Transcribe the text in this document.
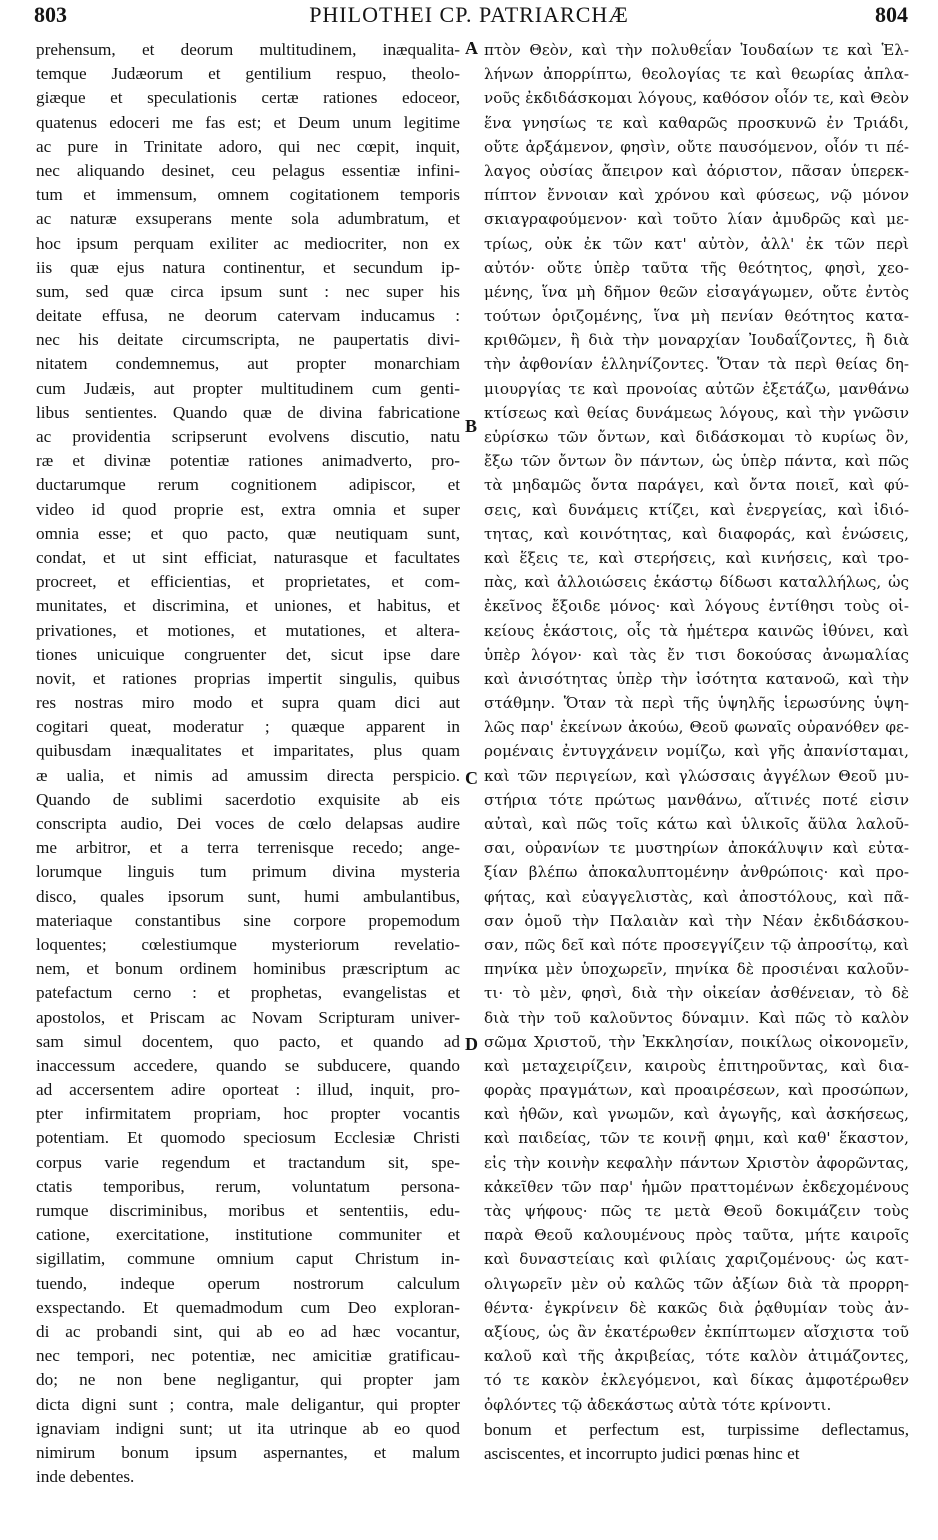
803	PHILOTHEI CP. PATRIARCHÆ	804
prehensum, et deorum multitudinem, inæqualita-
temque Judæorum et gentilium respuo, theolo-
giæque et speculationis certæ rationes edoceor,
quatenus edoceri me fas est; et Deum unum legitime
ac pure in Trinitate adoro, qui nec cœpit, inquit,
nec aliquando desinet, ceu pelagus essentiæ infini-
tum et immensum, omnem cogitationem temporis
ac naturæ exsuperans mente sola adumbratum, et
hoc ipsum perquam exiliter ac mediocriter, non ex
iis quæ ejus natura continentur, et secundum ip-
sum, sed quæ circa ipsum sunt : nec super his
deitate effusa, ne deorum catervam inducamus :
nec his deitate circumscripta, ne paupertatis divi-
nitatem condemnemus, aut propter monarchiam
cum Judæis, aut propter multitudinem cum genti-
libus sentientes. Quando quæ de divina fabricatione
ac providentia scripserunt evolvens discutio, natu
ræ et divinæ potentiæ rationes animadverto, pro-
ductarumque rerum cognitionem adipiscor, et
video id quod proprie est, extra omnia et super
omnia esse; et quo pacto, quæ neutiquam sunt,
condat, et ut sint efficiat, naturasque et facultates
procreet, et efficientias, et proprietates, et com-
munitates, et discrimina, et uniones, et habitus, et
privationes, et motiones, et mutationes, et altera-
tiones unicuique congruenter det, sicut ipse dare
novit, et rationes proprias impertit singulis, quibus
res nostras miro modo et supra quam dici aut
cogitari queat, moderatur ; quæque apparent in
quibusdam inæqualitates et imparitates, plus quam
æ ualia, et nimis ad amussim directa perspicio.
Quando de sublimi sacerdotio exquisite ab eis
conscripta audio, Dei voces de cœlo delapsas audire
me arbitror, et a terra terrenisque recedo; ange-
lorumque linguis tum primum divina mysteria
disco, quales ipsorum sunt, humi ambulantibus,
materiaque constantibus sine corpore propemodum
loquentes; cœlestiumque mysteriorum revelatio-
nem, et bonum ordinem hominibus præscriptum ac
patefactum cerno : et prophetas, evangelistas et
apostolos, et Priscam ac Novam Scripturam univer-
sam simul docentem, quo pacto, et quando ad
inaccessum accedere, quando se subducere, quando
ad accersentem adire oporteat : illud, inquit, pro-
pter infirmitatem propriam, hoc propter vocantis
potentiam. Et quomodo speciosum Ecclesiæ Christi
corpus varie regendum et tractandum sit, spe-
ctatis temporibus, rerum, voluntatum persona-
rumque discriminibus, moribus et sententiis, edu-
catione, exercitatione, institutione communiter et
sigillatim, commune omnium caput Christum in-
tuendo, indeque operum nostrorum calculum
exspectando. Et quemadmodum cum Deo exploran-
di ac probandi sint, qui ab eo ad hæc vocantur,
nec tempori, nec potentiæ, nec amicitiæ gratificau-
do; ne non bene negligantur, qui propter jam
dicta digni sunt ; contra, male deligantur, qui propter
ignaviam indigni sunt; ut ita utrinque ab eo quod
nimirum bonum ipsum aspernantes, et malum
inde debentes.
πτὸν Θεὸν, καὶ τὴν πολυθεΐαν Ἰουδαίων τε καὶ Ἑλ-
λήνων ἀπορρίπτω, θεολογίας τε καὶ θεωρίας ἀπλα-
νοῦς ἐκδιδάσκομαι λόγους, καθόσον οἷόν τε, καὶ Θεὸν
ἕνα γνησίως τε καὶ καθαρῶς προσκυνῶ ἐν Τριάδι,
οὔτε ἀρξάμενον, φησὶν, οὔτε παυσόμενον, οἷόν τι πέ-
λαγος οὐσίας ἄπειρον καὶ ἀόριστον, πᾶσαν ὑπερεκ-
πίπτον ἔννοιαν καὶ χρόνου καὶ φύσεως, νῷ μόνον
σκιαγραφούμενον· καὶ τοῦτο λίαν ἀμυδρῶς καὶ με-
τρίως, οὐκ ἐκ τῶν κατ' αὐτὸν, ἀλλ' ἐκ τῶν περὶ
αὐτόν· οὔτε ὑπὲρ ταῦτα τῆς θεότητος, φησὶ, χεο-
μένης, ἵνα μὴ δῆμον θεῶν εἰσαγάγωμεν, οὔτε ἐντὸς
τούτων ὁριζομένης, ἵνα μὴ πενίαν θεότητος κατα-
κριθῶμεν, ἢ διὰ τὴν μοναρχίαν Ἰουδαΐζοντες, ἢ διὰ
τὴν ἀφθονίαν ἑλληνίζοντες. Ὅταν τὰ περὶ θείας δη-
μιουργίας τε καὶ προνοίας αὐτῶν ἐξετάζω, μανθάνω
κτίσεως καὶ θείας δυνάμεως λόγους, καὶ τὴν γνῶσιν
εὑρίσκω τῶν ὄντων, καὶ διδάσκομαι τὸ κυρίως ὂν,
ἔξω τῶν ὄντων ὂν πάντων, ὡς ὑπὲρ πάντα, καὶ πῶς
τὰ μηδαμῶς ὄντα παράγει, καὶ ὄντα ποιεῖ, καὶ φύ-
σεις, καὶ δυνάμεις κτίζει, καὶ ἐνεργείας, καὶ ἰδιό-
τητας, καὶ κοινότητας, καὶ διαφοράς, καὶ ἑνώσεις,
καὶ ἕξεις τε, καὶ στερήσεις, καὶ κινήσεις, καὶ τρο-
πὰς, καὶ ἀλλοιώσεις ἑκάστῳ δίδωσι καταλλήλως, ὡς
ἐκεῖνος ἔξοιδε μόνος· καὶ λόγους ἐντίθησι τοὺς οἰ-
κείους ἑκάστοις, οἷς τὰ ἡμέτερα καινῶς ἰθύνει, καὶ
ὑπὲρ λόγον· καὶ τὰς ἔν τισι δοκούσας ἀνωμαλίας
καὶ ἀνισότητας ὑπὲρ τὴν ἰσότητα κατανοῶ, καὶ τὴν
στάθμην. Ὅταν τὰ περὶ τῆς ὑψηλῆς ἱερωσύνης ὑψη-
λῶς παρ' ἐκείνων ἀκούω, Θεοῦ φωναῖς οὐρανόθεν φε-
ρομέναις ἐντυγχάνειν νομίζω, καὶ γῆς ἀπανίσταμαι,
καὶ τῶν περιγείων, καὶ γλώσσαις ἀγγέλων Θεοῦ μυ-
στήρια τότε πρώτως μανθάνω, αἵτινές ποτέ εἰσιν
αὐταὶ, καὶ πῶς τοῖς κάτω καὶ ὑλικοῖς ἄϋλα λαλοῦ-
σαι, οὐρανίων τε μυστηρίων ἀποκάλυψιν καὶ εὐτα-
ξίαν βλέπω ἀποκαλυπτομένην ἀνθρώποις· καὶ προ-
φήτας, καὶ εὐαγγελιστὰς, καὶ ἀποστόλους, καὶ πᾶ-
σαν ὁμοῦ τὴν Παλαιὰν καὶ τὴν Νέαν ἐκδιδάσκου-
σαν, πῶς δεῖ καὶ πότε προσεγγίζειν τῷ ἀπροσίτῳ, καὶ
πηνίκα μὲν ὑποχωρεῖν, πηνίκα δὲ προσιέναι καλοῦν-
τι· τὸ μὲν, φησὶ, διὰ τὴν οἰκείαν ἀσθένειαν, τὸ δὲ
διὰ τὴν τοῦ καλοῦντος δύναμιν. Καὶ πῶς τὸ καλὸν
σῶμα Χριστοῦ, τὴν Ἐκκλησίαν, ποικίλως οἰκονομεῖν,
καὶ μεταχειρίζειν, καιροὺς ἐπιτηροῦντας, καὶ δια-
φορὰς πραγμάτων, καὶ προαιρέσεων, καὶ προσώπων,
καὶ ἠθῶν, καὶ γνωμῶν, καὶ ἀγωγῆς, καὶ ἀσκήσεως,
καὶ παιδείας, τῶν τε κοινῇ φημι, καὶ καθ' ἕκαστον,
εἰς τὴν κοινὴν κεφαλὴν πάντων Χριστὸν ἀφορῶντας,
κἀκεῖθεν τῶν παρ' ἡμῶν πραττομένων ἐκδεχομένους
τὰς ψήφους· πῶς τε μετὰ Θεοῦ δοκιμάζειν τοὺς
παρὰ Θεοῦ καλουμένους πρὸς ταῦτα, μήτε καιροῖς
καὶ δυναστείαις καὶ φιλίαις χαριζομένους· ὡς κατ-
ολιγωρεῖν μὲν οὐ καλῶς τῶν ἀξίων διὰ τὰ προρρη-
θέντα· ἐγκρίνειν δὲ κακῶς διὰ ῥᾳθυμίαν τοὺς ἀν-
αξίους, ὡς ἂν ἑκατέρωθεν ἐκπίπτωμεν αἴσχιστα τοῦ
καλοῦ καὶ τῆς ἀκριβείας, τότε καλὸν ἀτιμάζοντες,
τό τε κακὸν ἐκλεγόμενοι, καὶ δίκας ἀμφοτέρωθεν
ὀφλόντες τῷ ἀδεκάστως αὐτὰ τότε κρίνοντι.
bonum et perfectum est, turpissime deflectamus,
asciscentes, et incorrupto judici pœnas hinc et
A
B
C
D
